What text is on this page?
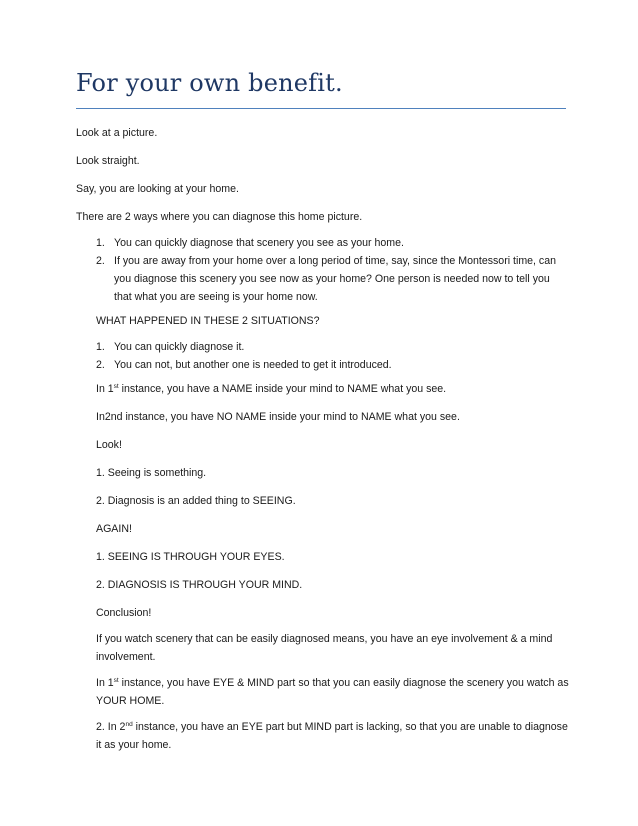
For your own benefit.
Look at a picture.
Look straight.
Say, you are looking at your home.
There are 2 ways where you can diagnose this home picture.
1. You can quickly diagnose that scenery you see as your home.
2. If you are away from your home over a long period of time, say, since the Montessori time, can
you diagnose this scenery you see now as your home? One person is needed now to tell you
that what you are seeing is your home now.
WHAT HAPPENED IN THESE 2 SITUATIONS?
1. You can quickly diagnose it.
2. You can not, but another one is needed to get it introduced.
In 1st instance, you have a NAME inside your mind to NAME what you see.
In2nd instance, you have NO NAME inside your mind to NAME what you see.
Look!
1. Seeing is something.
2. Diagnosis is an added thing to SEEING.
AGAIN!
1. SEEING IS THROUGH YOUR EYES.
2. DIAGNOSIS IS THROUGH YOUR MIND.
Conclusion!
If you watch scenery that can be easily diagnosed means, you have an eye involvement & a mind
involvement.
In 1st instance, you have EYE & MIND part so that you can easily diagnose the scenery you watch as
YOUR HOME.
2. In 2nd instance, you have an EYE part but MIND part is lacking, so that you are unable to diagnose
it as your home.
